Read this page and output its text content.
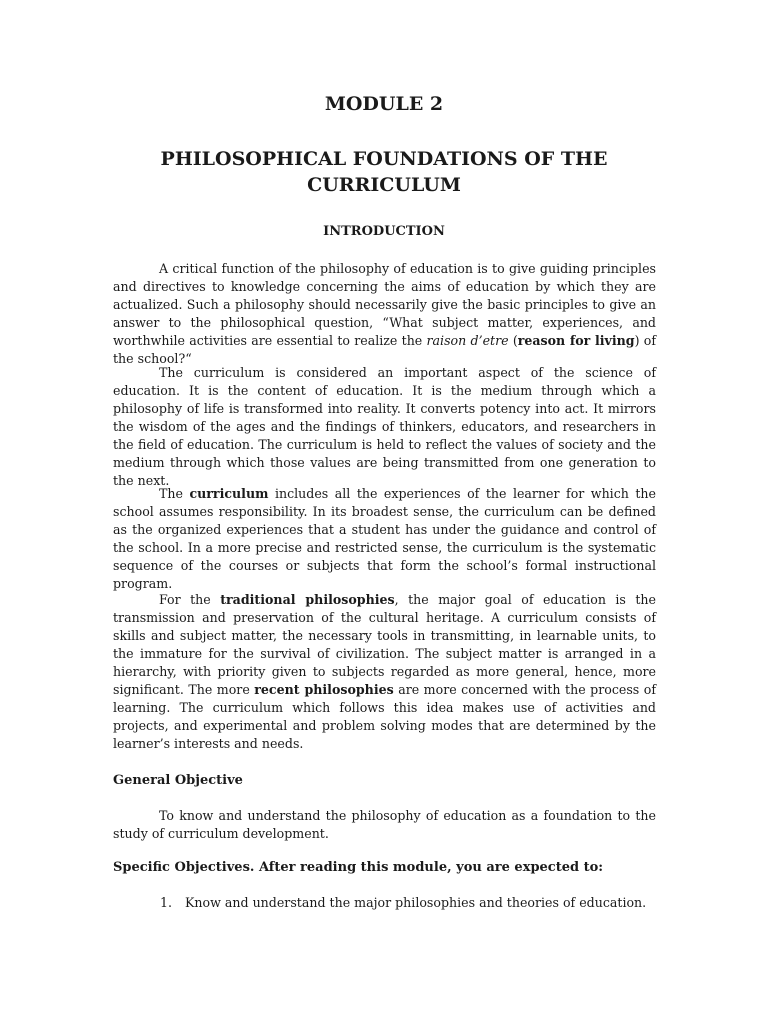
MODULE 2
PHILOSOPHICAL FOUNDATIONS OF THE
CURRICULUM
INTRODUCTION

A critical function of the philosophy of education is to give guiding principles and directives to knowledge concerning the aims of education by which they are actualized. Such a philosophy should necessarily give the basic principles to give an answer to the philosophical question, “What subject matter, experiences, and worthwhile activities are essential to realize the raison d’etre (reason for living) of the school?“

The curriculum is considered an important aspect of the science of education. It is the content of education. It is the medium through which a philosophy of life is transformed into reality. It converts potency into act. It mirrors the wisdom of the ages and the findings of thinkers, educators, and researchers in the field of education. The curriculum is held to reflect the values of society and the medium through which those values are being transmitted from one generation to the next.

The curriculum includes all the experiences of the learner for which the school assumes responsibility. In its broadest sense, the curriculum can be defined as the organized experiences that a student has under the guidance and control of the school. In a more precise and restricted sense, the curriculum is the systematic sequence of the courses or subjects that form the school’s formal instructional program.

For the traditional philosophies, the major goal of education is the transmission and preservation of the cultural heritage. A curriculum consists of skills and subject matter, the necessary tools in transmitting, in learnable units, to the immature for the survival of civilization. The subject matter is arranged in a hierarchy, with priority given to subjects regarded as more general, hence, more significant. The more recent philosophies are more concerned with the process of learning. The curriculum which follows this idea makes use of activities and projects, and experimental and problem solving modes that are determined by the learner’s interests and needs.

General Objective

To know and understand the philosophy of education as a foundation to the study of curriculum development.

Specific Objectives. After reading this module, you are expected to:
1. Know and understand the major philosophies and theories of education.
